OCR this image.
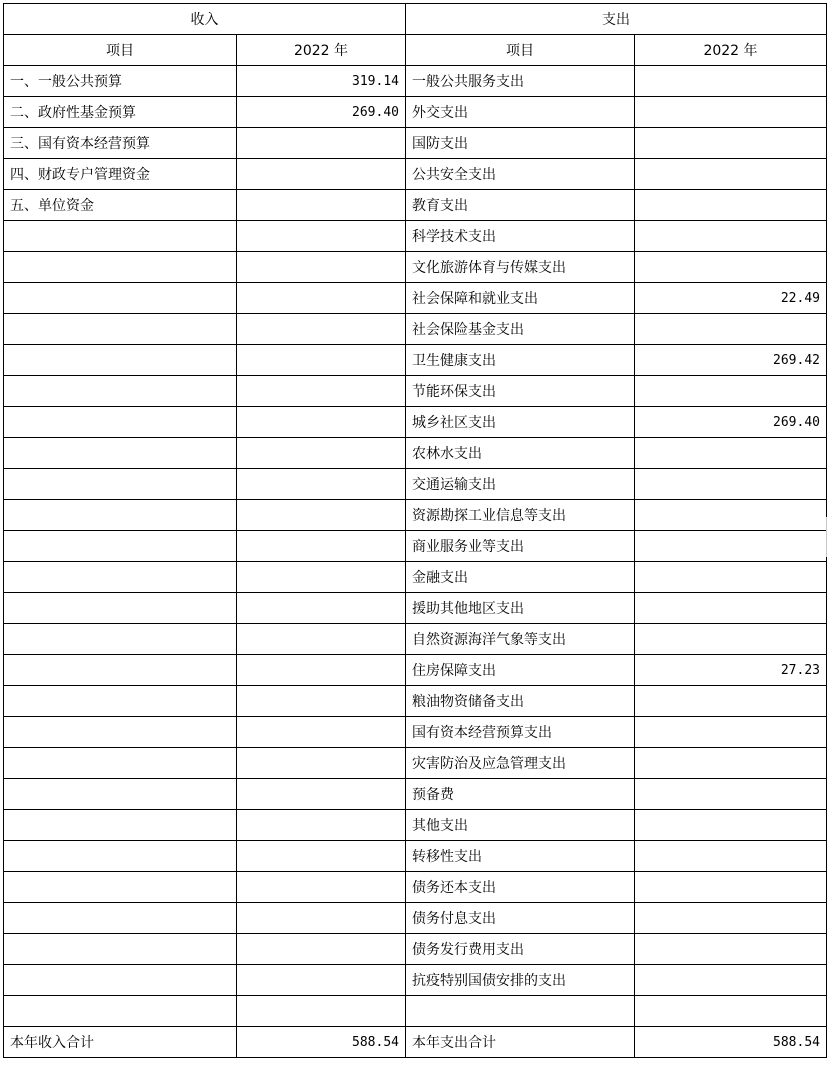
收入		支出	
项目	2022 年	项目	2022 年
一、一般公共预算	319.14	一般公共服务支出	
二、政府性基金预算	269.40	外交支出	
三、国有资本经营预算		国防支出	
四、财政专户管理资金		公共安全支出	
五、单位资金		教育支出	
		科学技术支出	
		文化旅游体育与传媒支出	
		社会保障和就业支出	22.49
		社会保险基金支出	
		卫生健康支出	269.42
		节能环保支出	
		城乡社区支出	269.40
		农林水支出	
		交通运输支出	
		资源勘探工业信息等支出	
		商业服务业等支出	
		金融支出	
		援助其他地区支出	
		自然资源海洋气象等支出	
		住房保障支出	27.23
		粮油物资储备支出	
		国有资本经营预算支出	
		灾害防治及应急管理支出	
		预备费	
		其他支出	
		转移性支出	
		债务还本支出	
		债务付息支出	
		债务发行费用支出	
		抗疫特别国债安排的支出	

本年收入合计	588.54	本年支出合计	588.54
